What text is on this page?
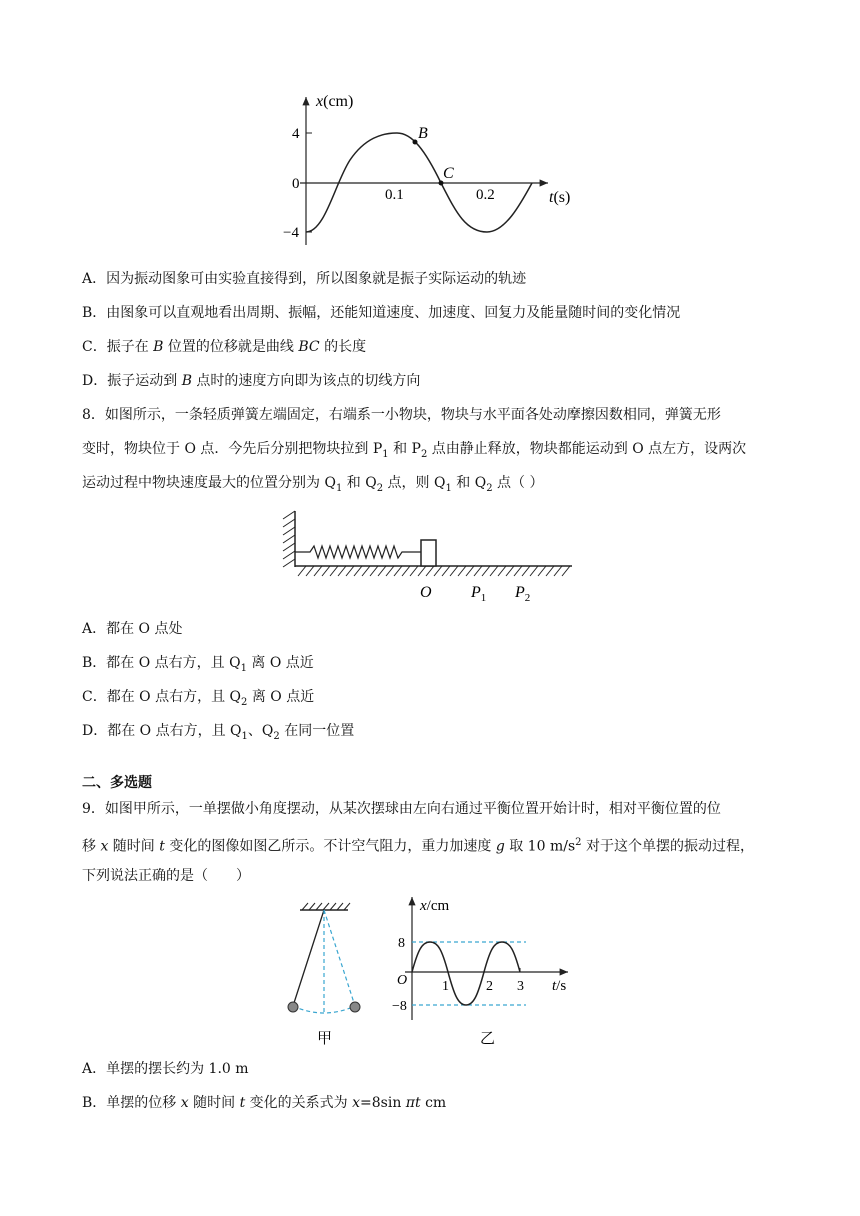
x(cm)
4
0
−4
0.1	0.2	t(s)
B
C
A．因为振动图象可由实验直接得到，所以图象就是振子实际运动的轨迹
B．由图象可以直观地看出周期、振幅，还能知道速度、加速度、回复力及能量随时间的变化情况
C．振子在 B 位置的位移就是曲线 BC 的长度
D．振子运动到 B 点时的速度方向即为该点的切线方向
8．如图所示，一条轻质弹簧左端固定，右端系一小物块，物块与水平面各处动摩擦因数相同，弹簧无形
变时，物块位于 O 点．今先后分别把物块拉到 $P_1$ 和 $P_2$ 点由静止释放，物块都能运动到 O 点左方，设两次
运动过程中物块速度最大的位置分别为 $Q_1$ 和 $Q_2$ 点，则 $Q_1$ 和 $Q_2$ 点（ ）
O $P_1$ $P_2$
A．都在 O 点处
B．都在 O 点右方，且 $Q_1$ 离 O 点近
C．都在 O 点右方，且 $Q_2$ 离 O 点近
D．都在 O 点右方，且 $Q_1$、$Q_2$ 在同一位置
二、多选题
9．如图甲所示，一单摆做小角度摆动，从某次摆球由左向右通过平衡位置开始计时，相对平衡位置的位
移 x 随时间 t 变化的图像如图乙所示。不计空气阻力，重力加速度 g 取 10 $m/s^2$ 对于这个单摆的振动过程，
下列说法正确的是（　　）
甲
x/cm
8
O
−8
1	2 3 t/s
乙
A．单摆的摆长约为 1.0 m
B．单摆的位移 x 随时间 t 变化的关系式为 x=8sin πt cm
